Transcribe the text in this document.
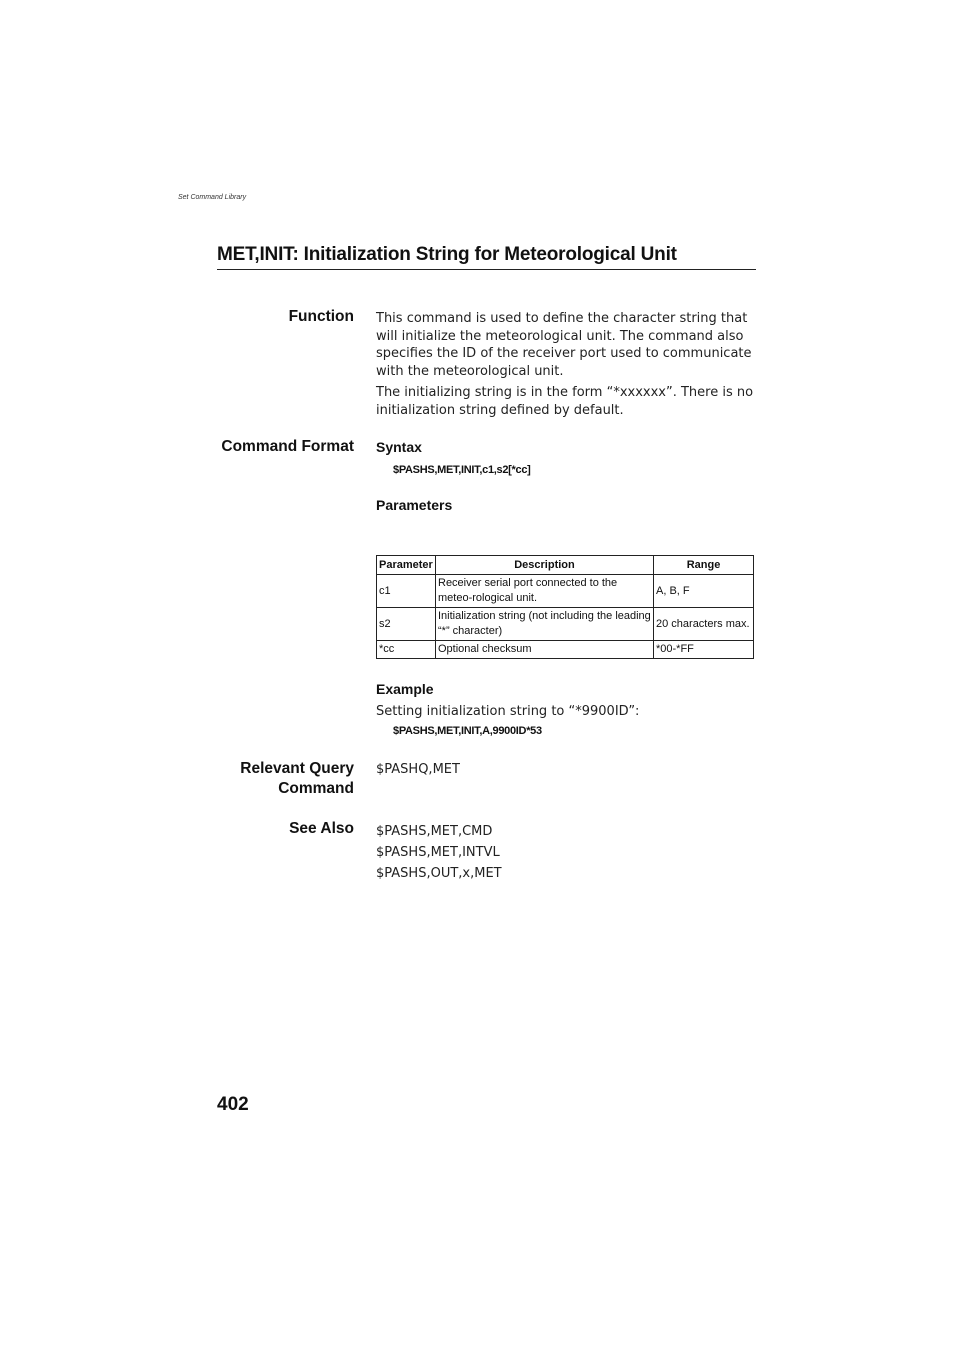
Set Command Library
MET,INIT: Initialization String for Meteorological Unit
Function This command is used to define the character string that will initialize the meteorological unit. The command also specifies the ID of the receiver port used to communicate with the meteorological unit.

The initializing string is in the form “*xxxxxx”. There is no initialization string defined by default.

Command Format Syntax
$PASHS,MET,INIT,c1,s2[*cc]
Parameters
Parameter	Description	Range
c1	Receiver serial port connected to the meteo-rological unit.	A, B, F
s2	Initialization string (not including the leading “*” character)	20 characters max.
*cc	Optional checksum	*00-*FF
Example
Setting initialization string to “*9900ID”:
$PASHS,MET,INIT,A,9900ID*53
Relevant Query
Command
$PASHQ,MET
See Also $PASHS,MET,CMD
$PASHS,MET,INTVL
$PASHS,OUT,x,MET
402
